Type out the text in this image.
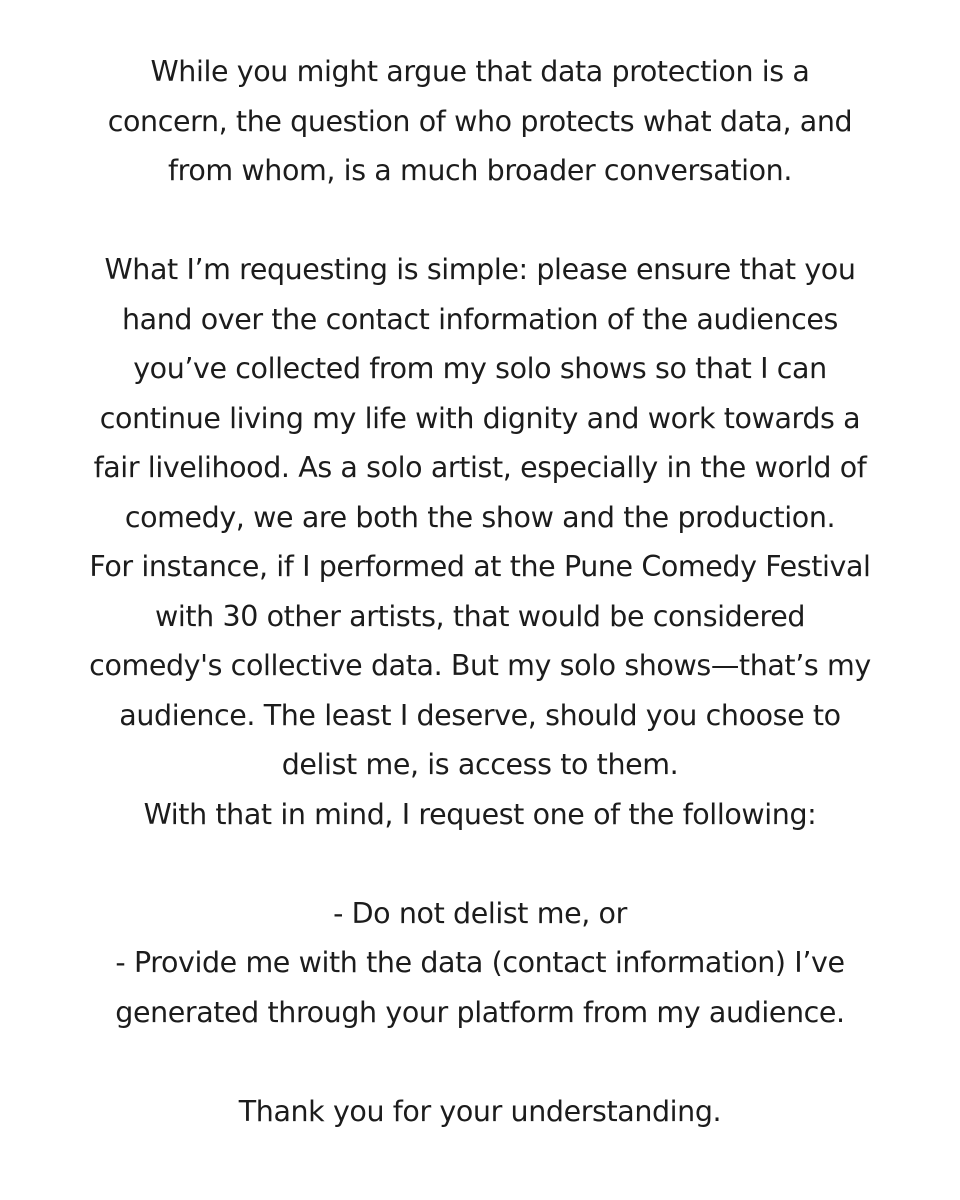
While you might argue that data protection is a
concern, the question of who protects what data, and
from whom, is a much broader conversation.
What I’m requesting is simple: please ensure that you
hand over the contact information of the audiences
you’ve collected from my solo shows so that I can
continue living my life with dignity and work towards a
fair livelihood. As a solo artist, especially in the world of
comedy, we are both the show and the production.
For instance, if I performed at the Pune Comedy Festival
with 30 other artists, that would be considered
comedy's collective data. But my solo shows—that’s my
audience. The least I deserve, should you choose to
delist me, is access to them.
With that in mind, I request one of the following:
- Do not delist me, or
- Provide me with the data (contact information) I’ve
generated through your platform from my audience.
Thank you for your understanding.
